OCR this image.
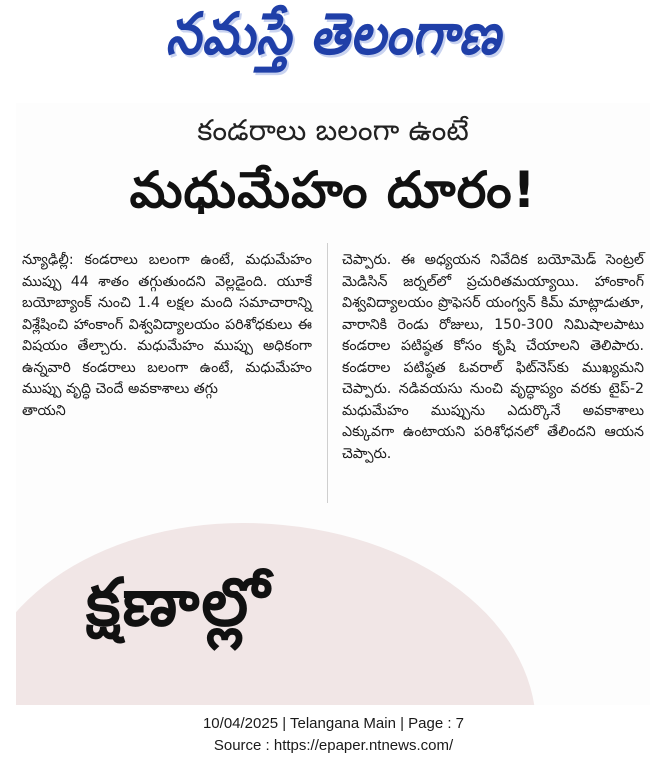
నమస్తే తెలంగాణ
కండరాలు బలంగా ఉంటే
మధుమేహం దూరం!

న్యూఢిల్లీ: కండరాలు బలంగా ఉంటే, మధుమేహం ముప్పు 44 శాతం తగ్గుతుందని వెల్లడైంది. యూకే బయోబ్యాంక్ నుంచి 1.4 లక్షల మంది సమాచారాన్ని విశ్లేషించి హాంకాంగ్ విశ్వవిద్యాలయం పరిశోధకులు ఈ విషయం తేల్చారు. మధుమేహం ముప్పు అధికంగా ఉన్నవారి కండరాలు బలంగా ఉంటే, మధుమేహం ముప్పు వృద్ధి చెందే అవకాశాలు తగ్గు

తాయని

చెప్పారు. ఈ అధ్యయన నివేదిక బయోమెడ్ సెంట్రల్ మెడిసిన్ జర్నల్‌లో ప్రచురితమయ్యాయి. హాంకాంగ్ విశ్వవిద్యాలయం ప్రొఫెసర్ యంగ్వన్ కిమ్ మాట్లాడుతూ, వారానికి రెండు రోజులు, 150-300 నిమిషాలపాటు కండరాల పటిష్ఠత కోసం కృషి చేయాలని తెలిపారు. కండరాల పటిష్ఠత ఓవరాల్ ఫిట్‌నెస్‌కు ముఖ్యమని చెప్పారు. నడివయసు నుంచి వృద్ధాప్యం వరకు టైప్-2 మధుమేహం ముప్పును ఎదుర్కొనే అవకాశాలు ఎక్కువగా ఉంటాయని పరిశోధనలో తేలిందని ఆయన చెప్పారు.

క్షణాల్లో
10/04/2025 | Telangana Main | Page : 7
Source : https://epaper.ntnews.com/
